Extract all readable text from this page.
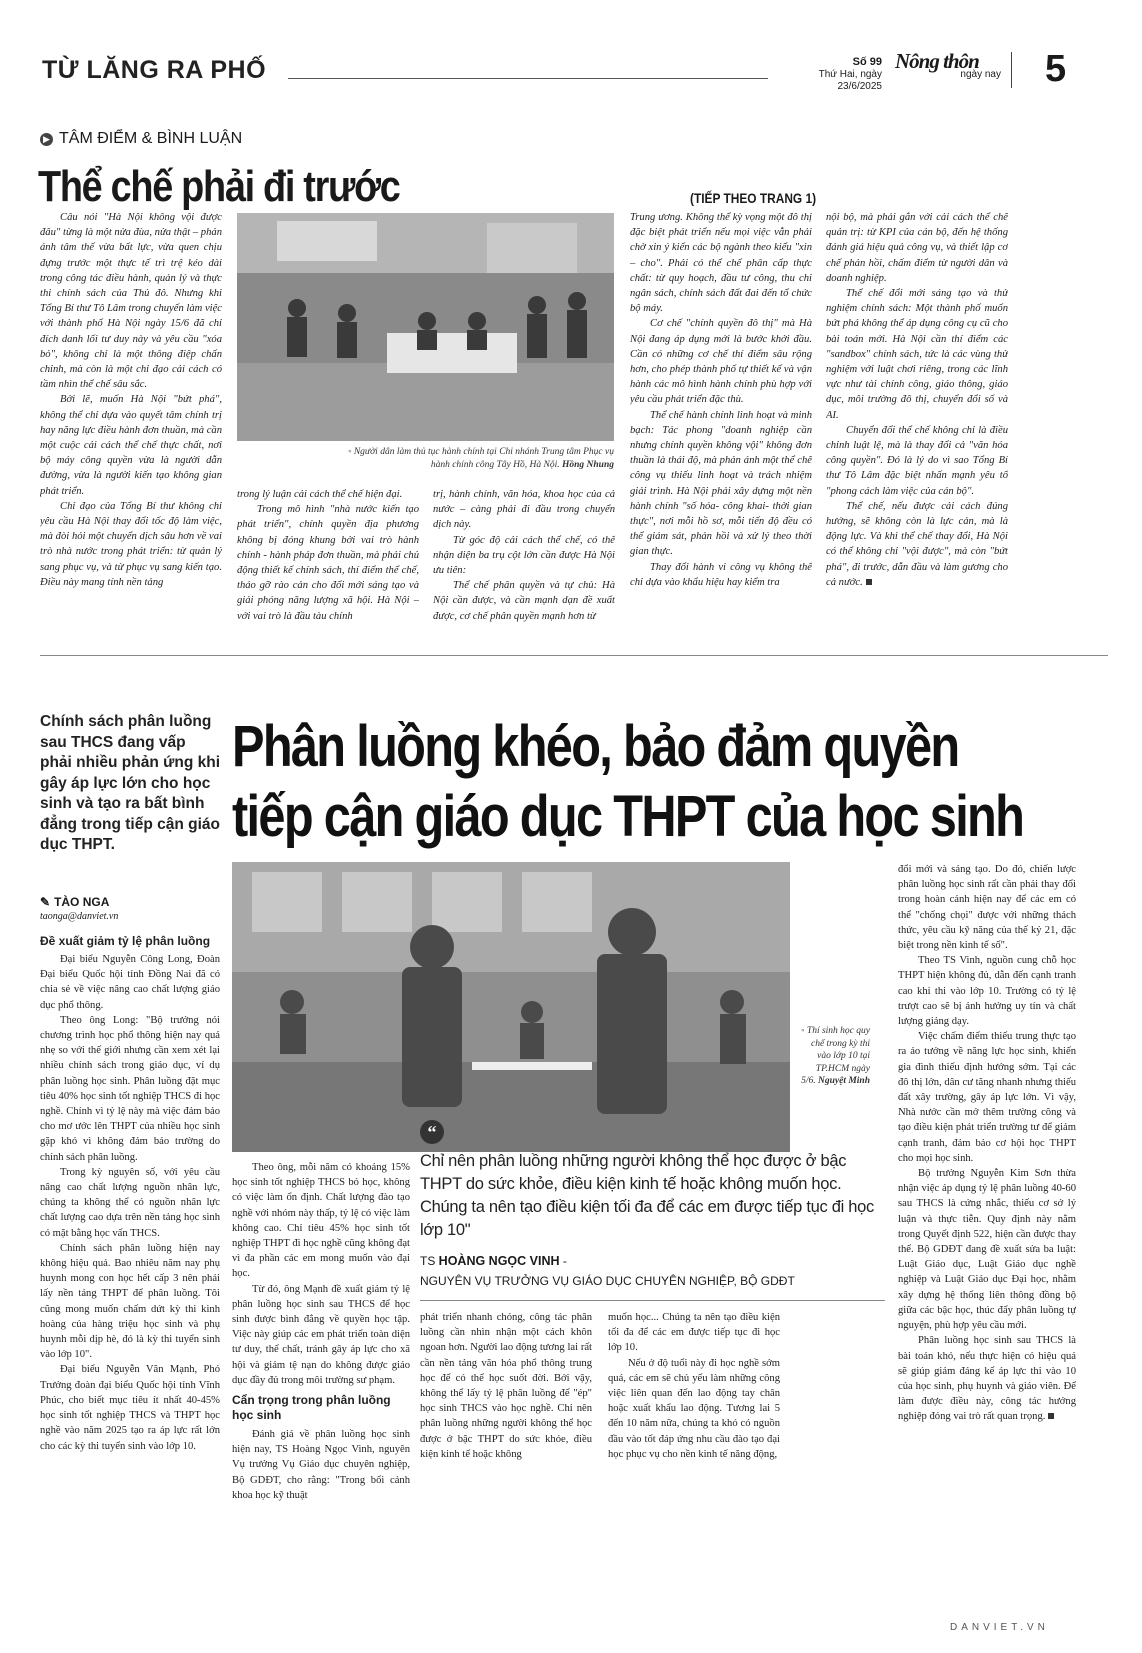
TỪ LĂNG RA PHỐ	Số 99
Thứ Hai, ngày 23/6/2025
Nông thôn
ngày nay 5
▶ TÂM ĐIỂM & BÌNH LUẬN
Thể chế phải đi trước	(TIẾP THEO TRANG 1)

Câu nói "Hà Nội không vội được đâu" từng là một nửa đùa, nửa thật – phản ánh tâm thế vừa bất lực, vừa quen chịu đựng trước một thực tế trì trệ kéo dài trong công tác điều hành, quản lý và thực thi chính sách của Thủ đô. Nhưng khi Tổng Bí thư Tô Lâm trong chuyến làm việc với thành phố Hà Nội ngày 15/6 đã chỉ đích danh lối tư duy này và yêu cầu "xóa bỏ", không chỉ là một thông điệp chấn chỉnh, mà còn là một chỉ đạo cải cách có tầm nhìn thể chế sâu sắc.

Bởi lẽ, muốn Hà Nội "bứt phá", không thể chỉ dựa vào quyết tâm chính trị hay năng lực điều hành đơn thuần, mà cần một cuộc cải cách thể chế thực chất, nơi bộ máy công quyền vừa là người dẫn đường, vừa là người kiến tạo không gian phát triển.

Chỉ đạo của Tổng Bí thư không chỉ yêu cầu Hà Nội thay đổi tốc độ làm việc, mà đòi hỏi một chuyển dịch sâu hơn về vai trò nhà nước trong phát triển: từ quản lý sang phục vụ, và từ phục vụ sang kiến tạo. Điều này mang tính nền tảng

◦ Người dân làm thủ tục hành chính tại Chi nhánh Trung tâm Phục vụ hành chính công Tây Hồ, Hà Nội. Hồng Nhung

trong lý luận cải cách thể chế hiện đại.

Trong mô hình "nhà nước kiến tạo phát triển", chính quyền địa phương không bị đóng khung bởi vai trò hành chính - hành pháp đơn thuần, mà phải chủ động thiết kế chính sách, thí điểm thể chế, tháo gỡ rào cản cho đổi mới sáng tạo và giải phóng năng lượng xã hội. Hà Nội – với vai trò là đầu tàu chính

trị, hành chính, văn hóa, khoa học của cả nước – càng phải đi đầu trong chuyển dịch này.

Từ góc độ cải cách thể chế, có thể nhận diện ba trụ cột lớn cần được Hà Nội ưu tiên:

Thể chế phân quyền và tự chủ: Hà Nội cần được, và cần mạnh dạn đề xuất được, cơ chế phân quyền mạnh hơn từ

Trung ương. Không thể kỳ vọng một đô thị đặc biệt phát triển nếu mọi việc vẫn phải chờ xin ý kiến các bộ ngành theo kiểu "xin – cho". Phải có thể chế phân cấp thực chất: từ quy hoạch, đầu tư công, thu chi ngân sách, chính sách đất đai đến tổ chức bộ máy.

Cơ chế "chính quyền đô thị" mà Hà Nội đang áp dụng mới là bước khởi đầu. Cần có những cơ chế thí điểm sâu rộng hơn, cho phép thành phố tự thiết kế và vận hành các mô hình hành chính phù hợp với yêu cầu phát triển đặc thù.

Thể chế hành chính linh hoạt và minh bạch: Tác phong "doanh nghiệp cần nhưng chính quyền không vội" không đơn thuần là thái độ, mà phản ánh một thể chế công vụ thiếu linh hoạt và trách nhiệm giải trình. Hà Nội phải xây dựng một nền hành chính "số hóa- công khai- thời gian thực", nơi mỗi hồ sơ, mỗi tiến độ đều có thể giám sát, phản hồi và xử lý theo thời gian thực.

Thay đổi hành vi công vụ không thể chỉ dựa vào khẩu hiệu hay kiểm tra

nội bộ, mà phải gắn với cải cách thể chế quản trị: từ KPI của cán bộ, đến hệ thống đánh giá hiệu quả công vụ, và thiết lập cơ chế phản hồi, chấm điểm từ người dân và doanh nghiệp.

Thể chế đổi mới sáng tạo và thử nghiệm chính sách: Một thành phố muốn bứt phá không thể áp dụng công cụ cũ cho bài toán mới. Hà Nội cần thí điểm các "sandbox" chính sách, tức là các vùng thử nghiệm với luật chơi riêng, trong các lĩnh vực như tài chính công, giáo thông, giáo dục, môi trường đô thị, chuyển đổi số và AI.

Chuyển đổi thể chế không chỉ là điều chỉnh luật lệ, mà là thay đổi cả "văn hóa công quyền". Đó là lý do vì sao Tổng Bí thư Tô Lâm đặc biệt nhấn mạnh yêu tố "phong cách làm việc của cán bộ".

Thể chế, nếu được cải cách đúng hướng, sẽ không còn là lực cản, mà là động lực. Và khi thể chế thay đổi, Hà Nội có thể không chỉ "vội được", mà còn "bứt phá", đi trước, dẫn đầu và làm gương cho cả nước.

Chính sách phân luồng sau THCS đang vấp phải nhiều phản ứng khi gây áp lực lớn cho học sinh và tạo ra bất bình đẳng trong tiếp cận giáo dục THPT.
Phân luồng khéo, bảo đảm quyền
tiếp cận giáo dục THPT của học sinh
✎ TÀO NGA
taonga@danviet.vn
Đề xuất giảm tỷ lệ phân luồng

Đại biểu Nguyễn Công Long, Đoàn Đại biểu Quốc hội tỉnh Đồng Nai đã có chia sẻ về việc nâng cao chất lượng giáo dục phổ thông.

Theo ông Long: "Bộ trưởng nói chương trình học phổ thông hiện nay quá nhẹ so với thế giới nhưng cần xem xét lại nhiều chính sách trong giáo dục, ví dụ phân luồng học sinh. Phân luồng đặt mục tiêu 40% học sinh tốt nghiệp THCS đi học nghề. Chính vì tỷ lệ này mà việc đảm bảo cho mơ ước lên THPT của nhiều học sinh gặp khó vì không đảm bảo trường do chính sách phân luồng.

Trong kỳ nguyên số, với yêu cầu nâng cao chất lượng nguồn nhân lực, chúng ta không thể có nguồn nhân lực chất lượng cao dựa trên nền tảng học sinh có mặt bằng học vấn THCS.

Chính sách phân luồng hiện nay không hiệu quả. Bao nhiêu năm nay phụ huynh mong con học hết cấp 3 nên phải lấy nền tảng THPT để phân luồng. Tôi cũng mong muốn chấm dứt kỳ thi kinh hoàng của hàng triệu học sinh và phụ huynh mỗi dịp hè, đó là kỳ thi tuyển sinh vào lớp 10".

Đại biểu Nguyễn Văn Mạnh, Phó Trưởng đoàn đại biểu Quốc hội tỉnh Vĩnh Phúc, cho biết mục tiêu ít nhất 40-45% học sinh tốt nghiệp THCS và THPT học nghề vào năm 2025 tạo ra áp lực rất lớn cho các kỳ thi tuyển sinh vào lớp 10.

◦ Thí sinh học quy chế trong kỳ thi vào lớp 10 tại TP.HCM ngày 5/6. Nguyệt Minh

Theo ông, mỗi năm có khoảng 15% học sinh tốt nghiệp THCS bỏ học, không có việc làm ổn định. Chất lượng đào tạo nghề với nhóm này thấp, tỷ lệ có việc làm không cao. Chỉ tiêu 45% học sinh tốt nghiệp THPT đi học nghề cũng không đạt vì đa phần các em mong muốn vào đại học.

Từ đó, ông Mạnh đề xuất giảm tỷ lệ phân luồng học sinh sau THCS để học sinh được bình đẳng về quyền học tập. Việc này giúp các em phát triển toàn diện tư duy, thể chất, tránh gây áp lực cho xã hội và giảm tệ nạn do không được giáo dục đầy đủ trong môi trường sư phạm.

Cẩn trọng trong phân luồng học sinh

Đánh giá về phân luồng học sinh hiện nay, TS Hoàng Ngọc Vinh, nguyên Vụ trưởng Vụ Giáo dục chuyên nghiệp, Bộ GDĐT, cho rằng: "Trong bối cảnh khoa học kỹ thuật

“
Chỉ nên phân luồng những người không thể học được ở bậc THPT do sức khỏe, điều kiện kinh tế hoặc không muốn học. Chúng ta nên tạo điều kiện tối đa để các em được tiếp tục đi học lớp 10"
TS HOÀNG NGỌC VINH -
NGUYÊN VỤ TRƯỞNG VỤ GIÁO DỤC CHUYÊN NGHIỆP, BỘ GDĐT

phát triển nhanh chóng, công tác phân luồng cần nhìn nhận một cách khôn ngoan hơn. Người lao động tương lai rất cần nền tảng văn hóa phổ thông trung học để có thể học suốt đời. Bởi vậy, không thể lấy tỷ lệ phân luồng để "ép" học sinh THCS vào học nghề. Chỉ nên phân luồng những người không thể học được ở bậc THPT do sức khỏe, điều kiện kinh tế hoặc không

muốn học... Chúng ta nên tạo điều kiện tối đa để các em được tiếp tục đi học lớp 10.

Nếu ở độ tuổi này đi học nghề sớm quá, các em sẽ chủ yếu làm những công việc liên quan đến lao động tay chân hoặc xuất khẩu lao động. Tương lai 5 đến 10 năm nữa, chúng ta khó có nguồn đầu vào tốt đáp ứng nhu cầu đào tạo đại học phục vụ cho nền kinh tế năng động,

đổi mới và sáng tạo. Do đó, chiến lược phân luồng học sinh rất cần phải thay đổi trong hoàn cảnh hiện nay để các em có thể "chống chọi" được với những thách thức, yêu cầu kỹ năng của thế kỷ 21, đặc biệt trong nền kinh tế số".

Theo TS Vinh, nguồn cung chỗ học THPT hiện không đủ, dẫn đến cạnh tranh cao khi thi vào lớp 10. Trường có tỷ lệ trượt cao sẽ bị ảnh hưởng uy tín và chất lượng giảng dạy.

Việc chấm điểm thiếu trung thực tạo ra ảo tưởng về năng lực học sinh, khiến gia đình thiếu định hướng sớm. Tại các đô thị lớn, dân cư tăng nhanh nhưng thiếu đất xây trường, gây áp lực lớn. Vì vậy, Nhà nước cần mở thêm trường công và tạo điều kiện phát triển trường tư để giảm cạnh tranh, đảm bảo cơ hội học THPT cho mọi học sinh.

Bộ trưởng Nguyễn Kim Sơn thừa nhận việc áp dụng tỷ lệ phân luồng 40-60 sau THCS là cứng nhắc, thiếu cơ sở lý luận và thực tiễn. Quy định này nằm trong Quyết định 522, hiện cần được thay thế. Bộ GDĐT đang đề xuất sửa ba luật: Luật Giáo dục, Luật Giáo dục nghề nghiệp và Luật Giáo dục Đại học, nhằm xây dựng hệ thống liên thông đồng bộ giữa các bậc học, thúc đẩy phân luồng tự nguyện, phù hợp yêu cầu mới.

Phân luồng học sinh sau THCS là bài toán khó, nếu thực hiện có hiệu quả sẽ giúp giảm đáng kể áp lực thi vào 10 của học sinh, phụ huynh và giáo viên. Để làm được điều này, công tác hướng nghiệp đóng vai trò rất quan trọng.

DANVIET.VN
